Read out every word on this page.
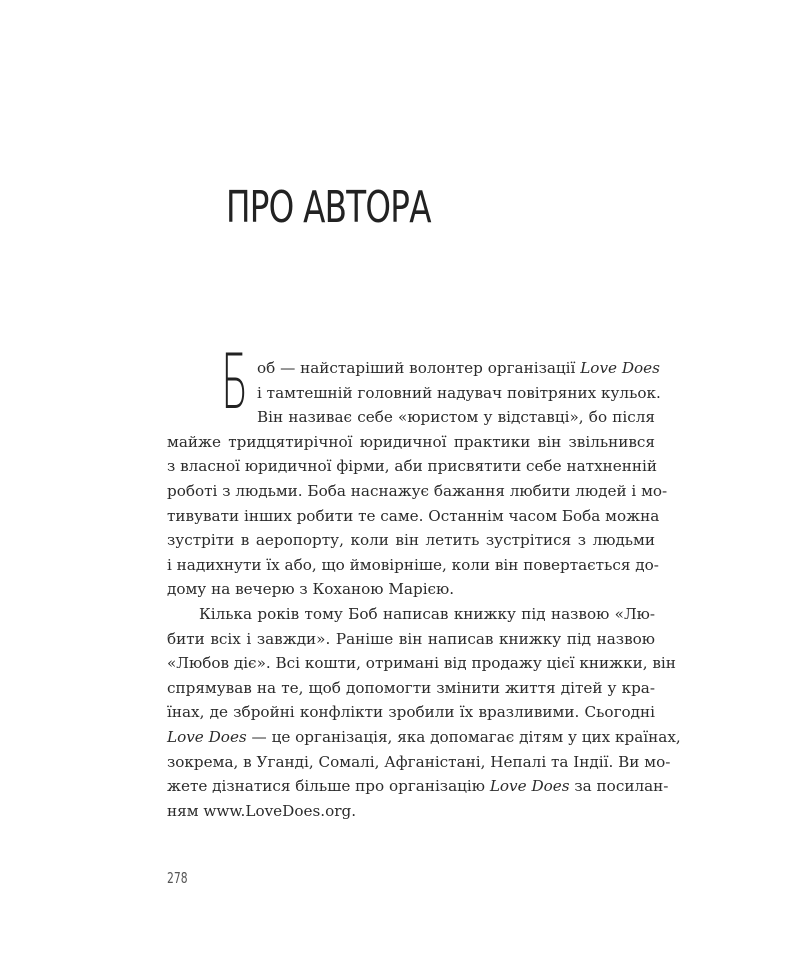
ПРО АВТОРА
Б об — найстаріший волонтер організації Love Does
і тамтешній головний надувач повітряних кульок.
Він називає себе «юристом у відставці», бо після
майже тридцятирічної юридичної практики він звільнився
з власної юридичної фірми, аби присвятити себе натхненній
роботі з людьми. Боба наснажує бажання любити людей і мо-
тивувати інших робити те саме. Останнім часом Боба можна
зустріти в аеропорту, коли він летить зустрітися з людьми
і надихнути їх або, що ймовірніше, коли він повертається до-
дому на вечерю з Коханою Марією.
Кілька років тому Боб написав книжку під назвою «Лю-
бити всіх і завжди». Раніше він написав книжку під назвою
«Любов діє». Всі кошти, отримані від продажу цієї книжки, він
спрямував на те, щоб допомогти змінити життя дітей у кра-
їнах, де збройні конфлікти зробили їх вразливими. Сьогодні
Love Does — це організація, яка допомагає дітям у цих країнах,
зокрема, в Уганді, Сомалі, Афганістані, Непалі та Індії. Ви мо-
жете дізнатися більше про організацію Love Does за посилан-
ням www.LoveDoes.org.
278
